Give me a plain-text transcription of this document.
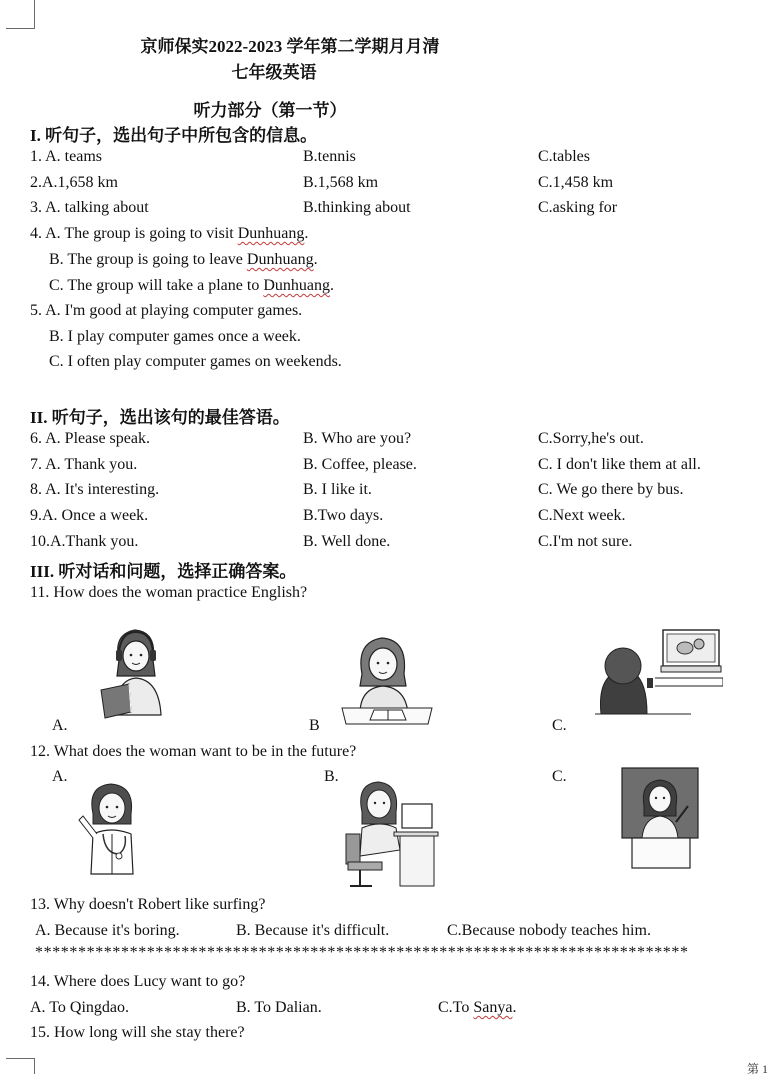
京师保实2022-2023 学年第二学期月月清
七年级英语
听力部分（第一节）
I. 听句子，选出句子中所包含的信息。
1. A. teams	B.tennis	C.tables
2.A.1,658 km	B.1,568 km	C.1,458 km
3. A. talking about	B.thinking about	C.asking for
4. A. The group is going to visit Dunhuang.
B. The group is going to leave Dunhuang.
C. The group will take a plane to Dunhuang.
5. A. I'm good at playing computer games.
B. I play computer games once a week.
C. I often play computer games on weekends.
II. 听句子，选出该句的最佳答语。
6. A. Please speak.	B. Who are you?	C.Sorry,he's out.
7. A. Thank you.	B. Coffee, please.	C. I don't like them at all.
8. A. It's interesting.	B. I like it.	C. We go there by bus.
9.A. Once a week.	B.Two days.	C.Next week.
10.A.Thank you.	B. Well done.	C.I'm not sure.
III. 听对话和问题，选择正确答案。
11. How does the woman practice English?
A.	B	C.
12. What does the woman want to be in the future?
A.	B.	C.
13. Why doesn't Robert like surfing?
A. Because it's boring.	B. Because it's difficult.	C.Because nobody teaches him.
****************************************************************************
14. Where does Lucy want to go?
A. To Qingdao.	B. To Dalian.	C.To Sanya.
15. How long will she stay there?
第 1
